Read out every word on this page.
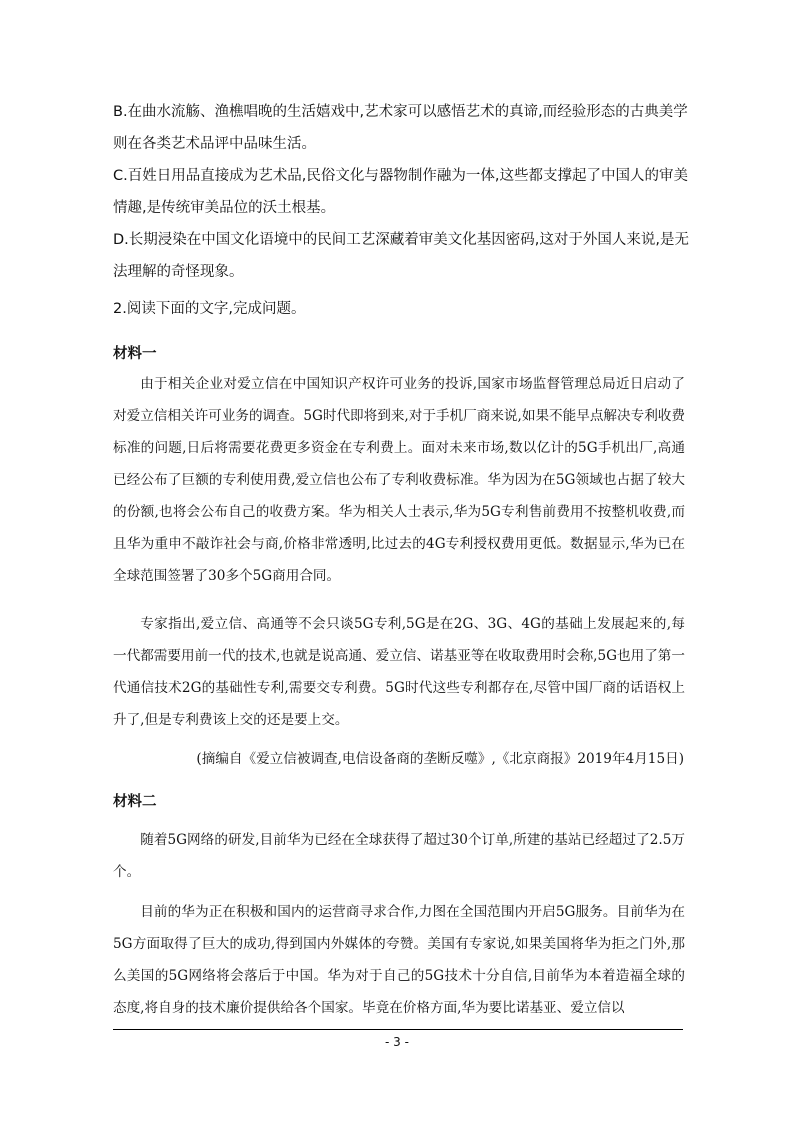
B.在曲水流觞、渔樵唱晚的生活嬉戏中,艺术家可以感悟艺术的真谛,而经验形态的古典美学则在各类艺术品评中品味生活。

C.百姓日用品直接成为艺术品,民俗文化与器物制作融为一体,这些都支撑起了中国人的审美情趣,是传统审美品位的沃土根基。

D.长期浸染在中国文化语境中的民间工艺深藏着审美文化基因密码,这对于外国人来说,是无法理解的奇怪现象。

2.阅读下面的文字,完成问题。

材料一

由于相关企业对爱立信在中国知识产权许可业务的投诉,国家市场监督管理总局近日启动了对爱立信相关许可业务的调查。5G时代即将到来,对于手机厂商来说,如果不能早点解决专利收费标准的问题,日后将需要花费更多资金在专利费上。面对未来市场,数以亿计的5G手机出厂,高通已经公布了巨额的专利使用费,爱立信也公布了专利收费标准。华为因为在5G领域也占据了较大的份额,也将会公布自己的收费方案。华为相关人士表示,华为5G专利售前费用不按整机收费,而且华为重申不敲诈社会与商,价格非常透明,比过去的4G专利授权费用更低。数据显示,华为已在全球范围签署了30多个5G商用合同。

专家指出,爱立信、高通等不会只谈5G专利,5G是在2G、3G、4G的基础上发展起来的,每一代都需要用前一代的技术,也就是说高通、爱立信、诺基亚等在收取费用时会称,5G也用了第一代通信技术2G的基础性专利,需要交专利费。5G时代这些专利都存在,尽管中国厂商的话语权上升了,但是专利费该上交的还是要上交。

(摘编自《爱立信被调查,电信设备商的垄断反噬》,《北京商报》2019年4月15日)

材料二

随着5G网络的研发,目前华为已经在全球获得了超过30个订单,所建的基站已经超过了2.5万个。

目前的华为正在积极和国内的运营商寻求合作,力图在全国范围内开启5G服务。目前华为在5G方面取得了巨大的成功,得到国内外媒体的夸赞。美国有专家说,如果美国将华为拒之门外,那么美国的5G网络将会落后于中国。华为对于自己的5G技术十分自信,目前华为本着造福全球的态度,将自身的技术廉价提供给各个国家。毕竟在价格方面,华为要比诺基亚、爱立信以

- 3 -
